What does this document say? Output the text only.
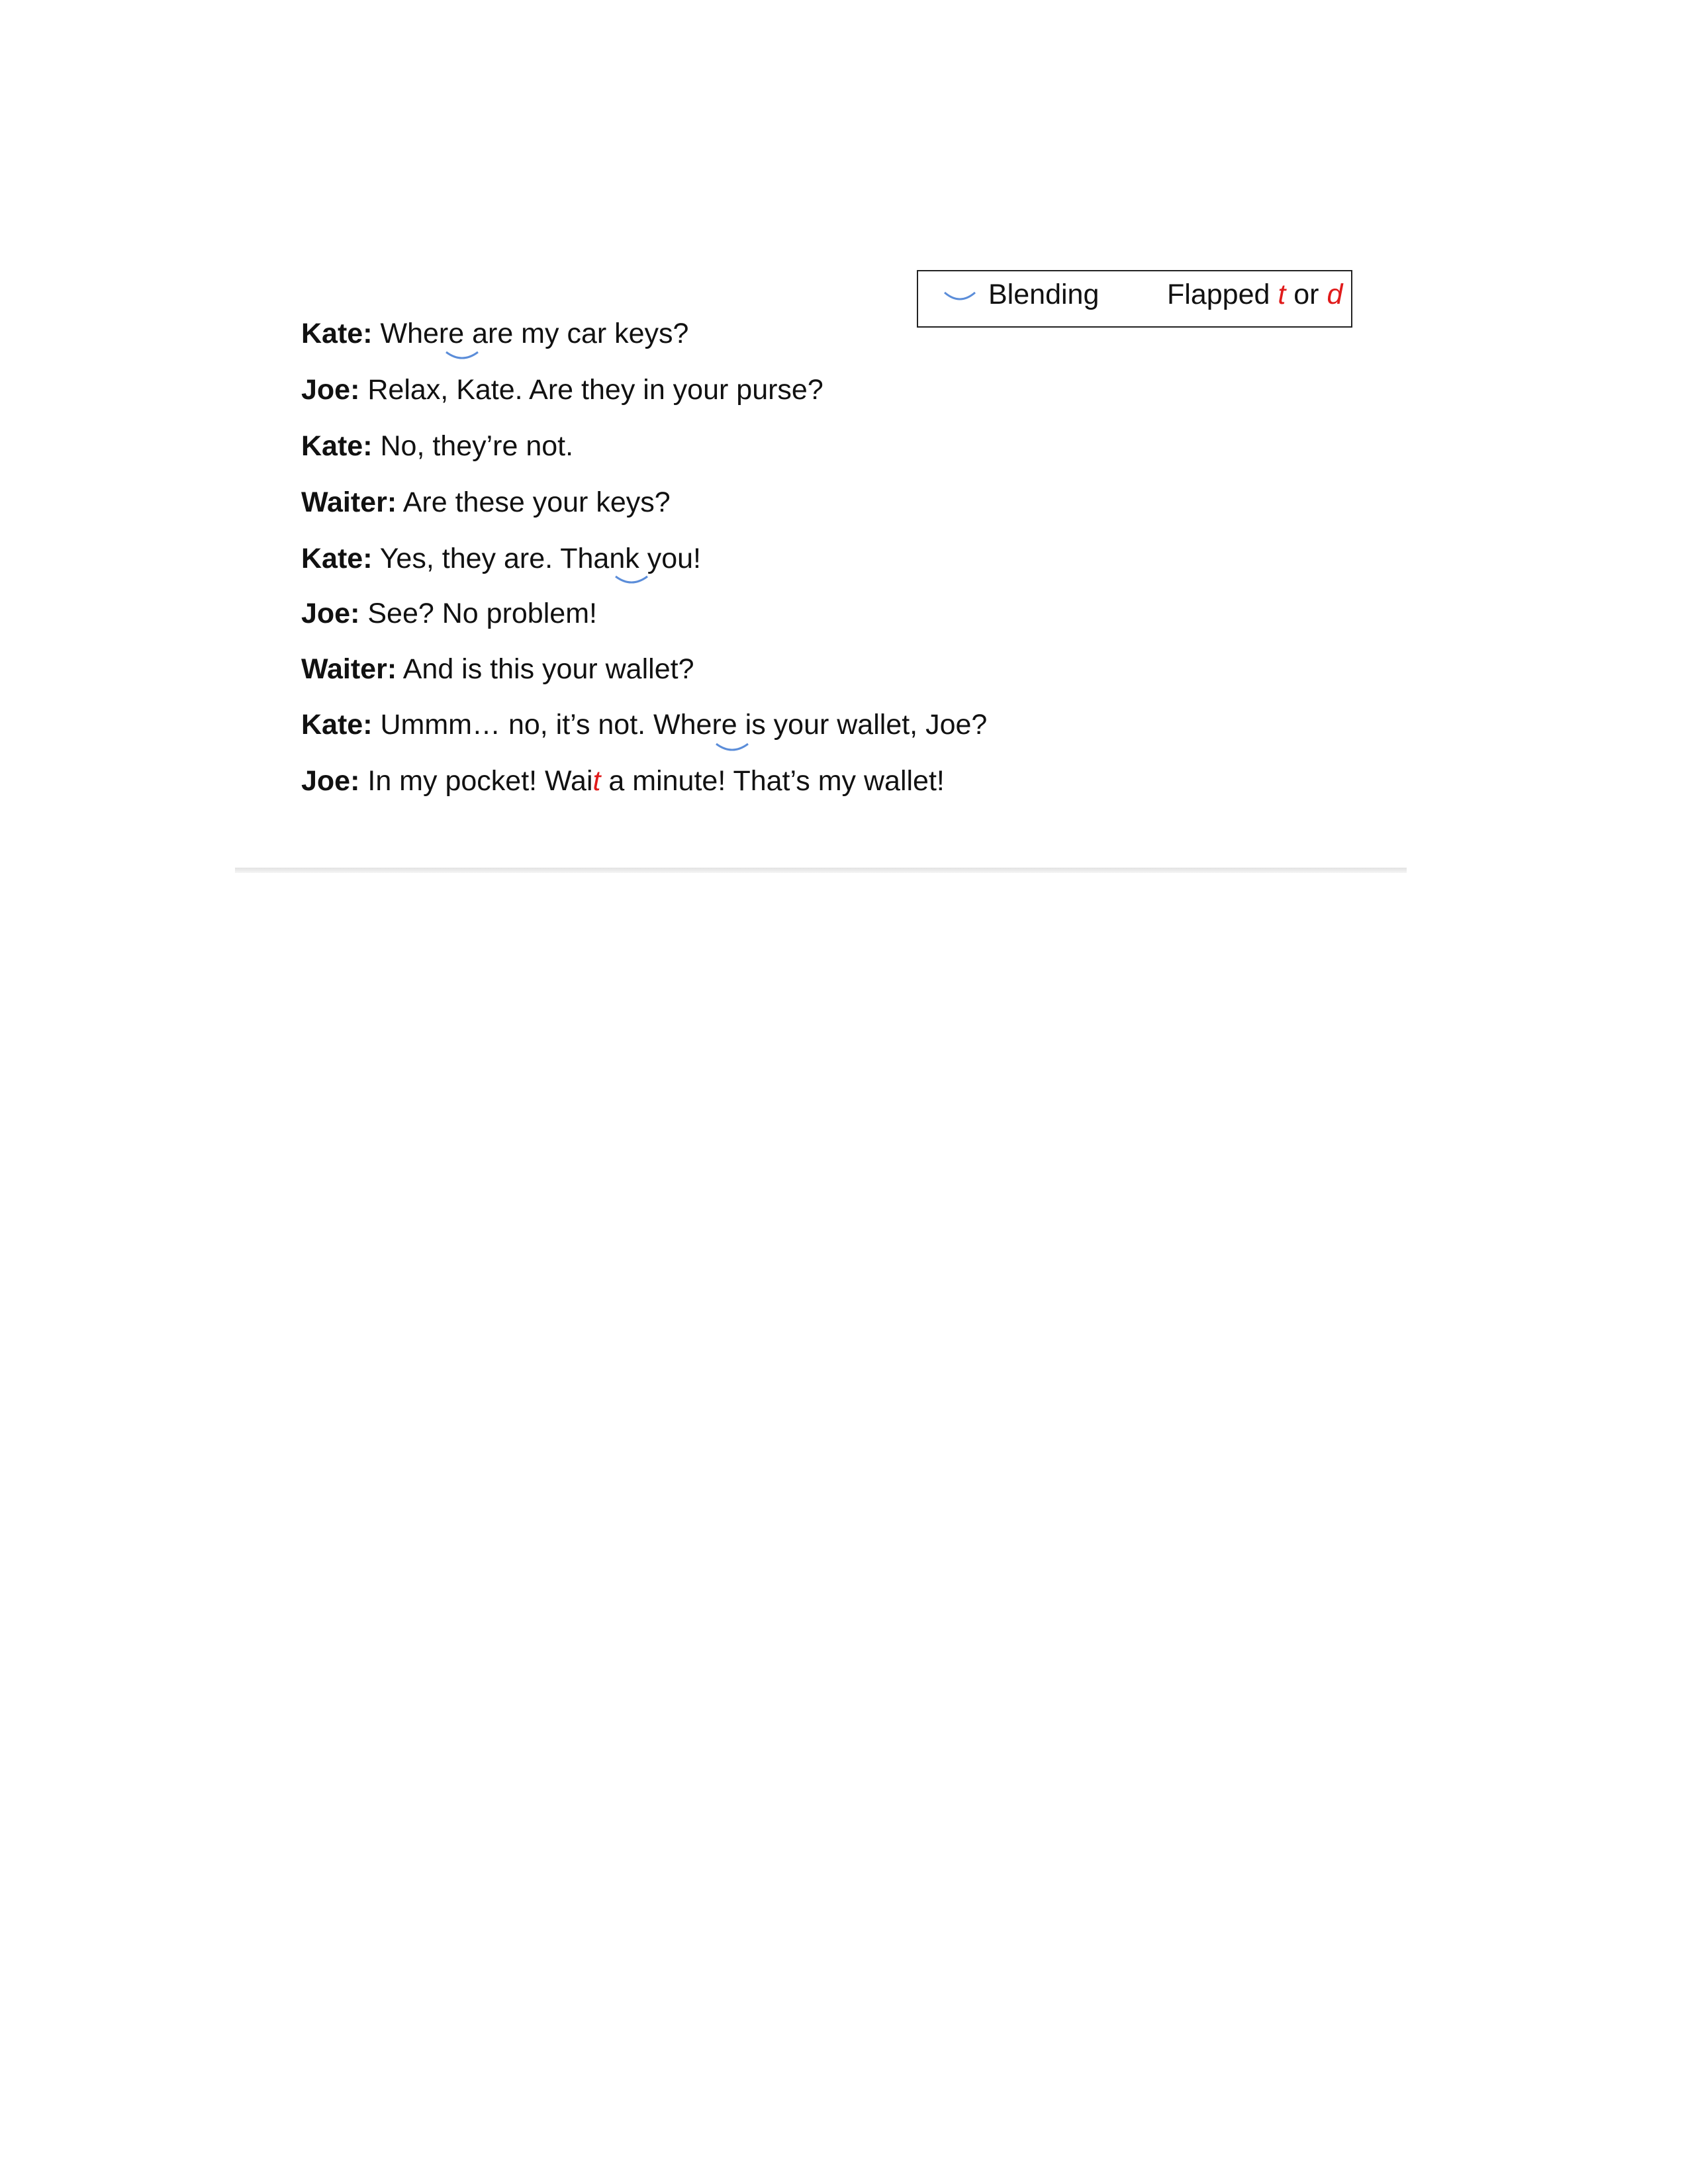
Blending Flapped t or d
Kate: Where are my car keys?
Joe: Relax, Kate. Are they in your purse?
Kate: No, they’re not.
Waiter: Are these your keys?
Kate: Yes, they are. Thank you!
Joe: See? No problem!
Waiter: And is this your wallet?
Kate: Ummm… no, it’s not. Where is your wallet, Joe?
Joe: In my pocket! Wait a minute! That’s my wallet!
